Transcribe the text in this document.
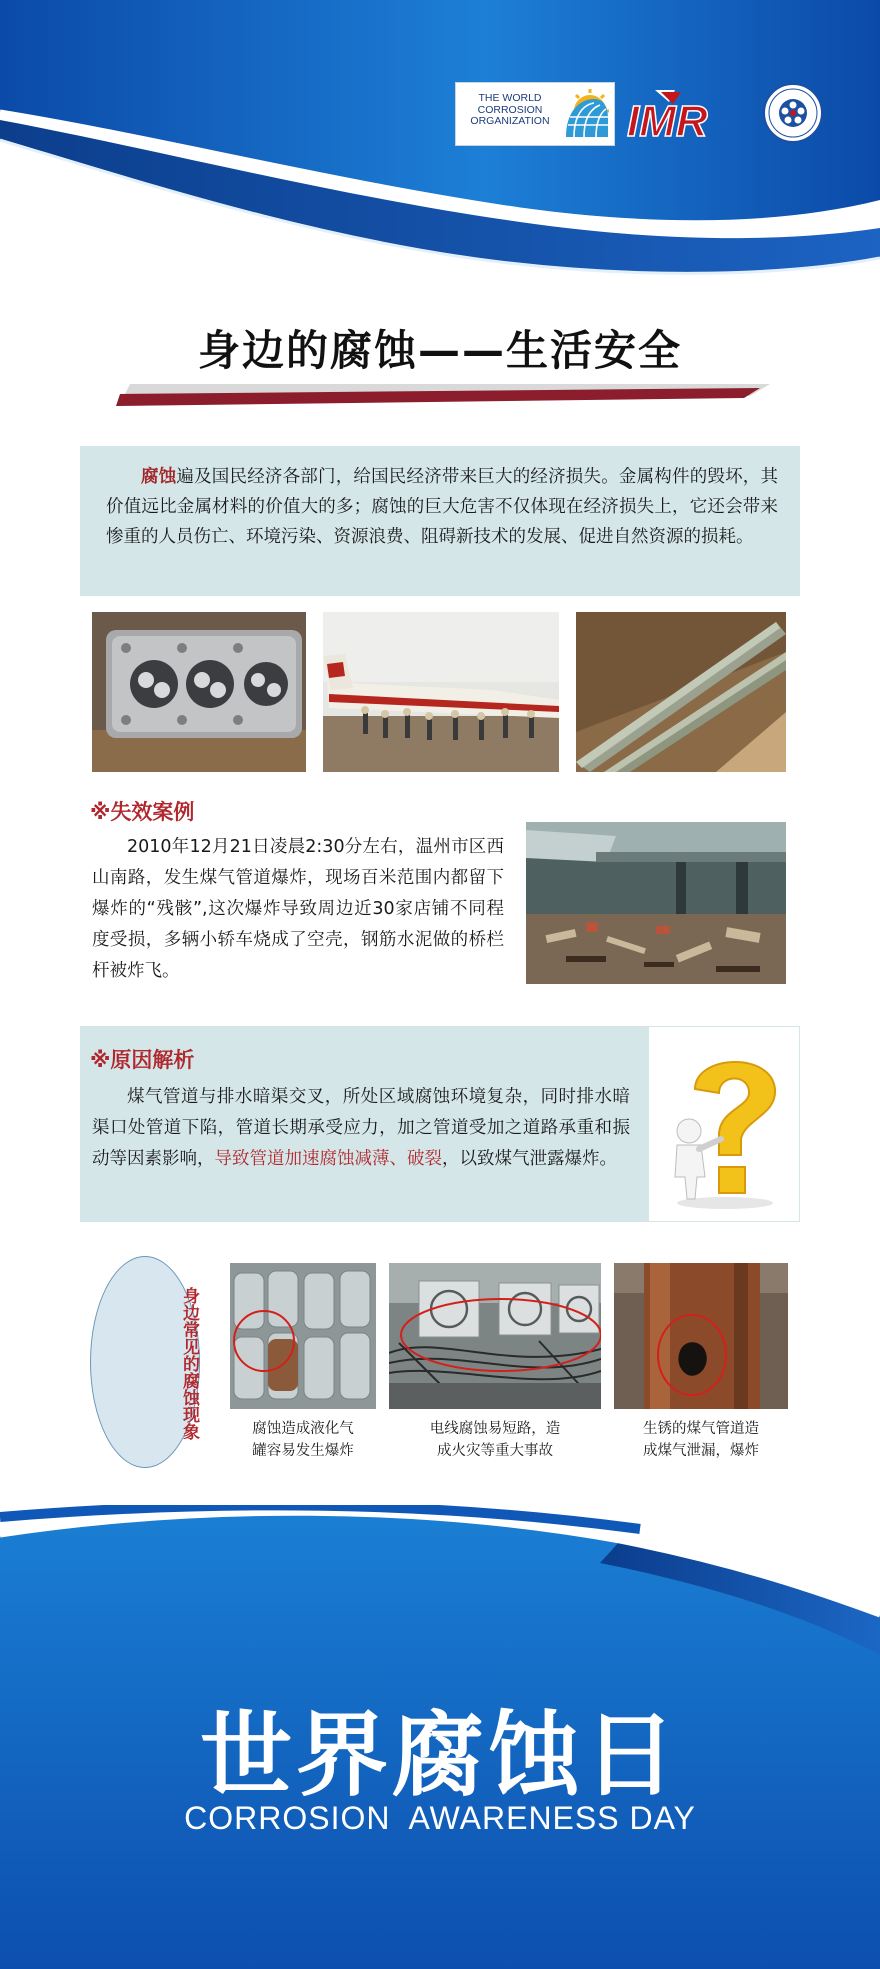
THE WORLD
CORROSION
ORGANIZATION IMR
身边的腐蚀——生活安全
腐蚀遍及国民经济各部门，给国民经济带来巨大的经济损失。金属构件的毁坏，其价值远比金属材料的价值大的多；腐蚀的巨大危害不仅体现在经济损失上，它还会带来惨重的人员伤亡、环境污染、资源浪费、阻碍新技术的发展、促进自然资源的损耗。
※失效案例
2010年12月21日凌晨2:30分左右，温州市区西山南路，发生煤气管道爆炸，现场百米范围内都留下爆炸的“残骸”,这次爆炸导致周边近30家店铺不同程度受损，多辆小轿车烧成了空壳，钢筋水泥做的桥栏杆被炸飞。
※原因解析
煤气管道与排水暗渠交叉，所处区域腐蚀环境复杂，同时排水暗渠口处管道下陷，管道长期承受应力，加之管道受加之道路承重和振动等因素影响，导致管道加速腐蚀减薄、破裂，以致煤气泄露爆炸。
身边常见的腐蚀现象	腐蚀造成液化气
罐容易发生爆炸
电线腐蚀易短路，造
成火灾等重大事故
生锈的煤气管道造
成煤气泄漏，爆炸
世界腐蚀日
CORROSION  AWARENESS DAY
